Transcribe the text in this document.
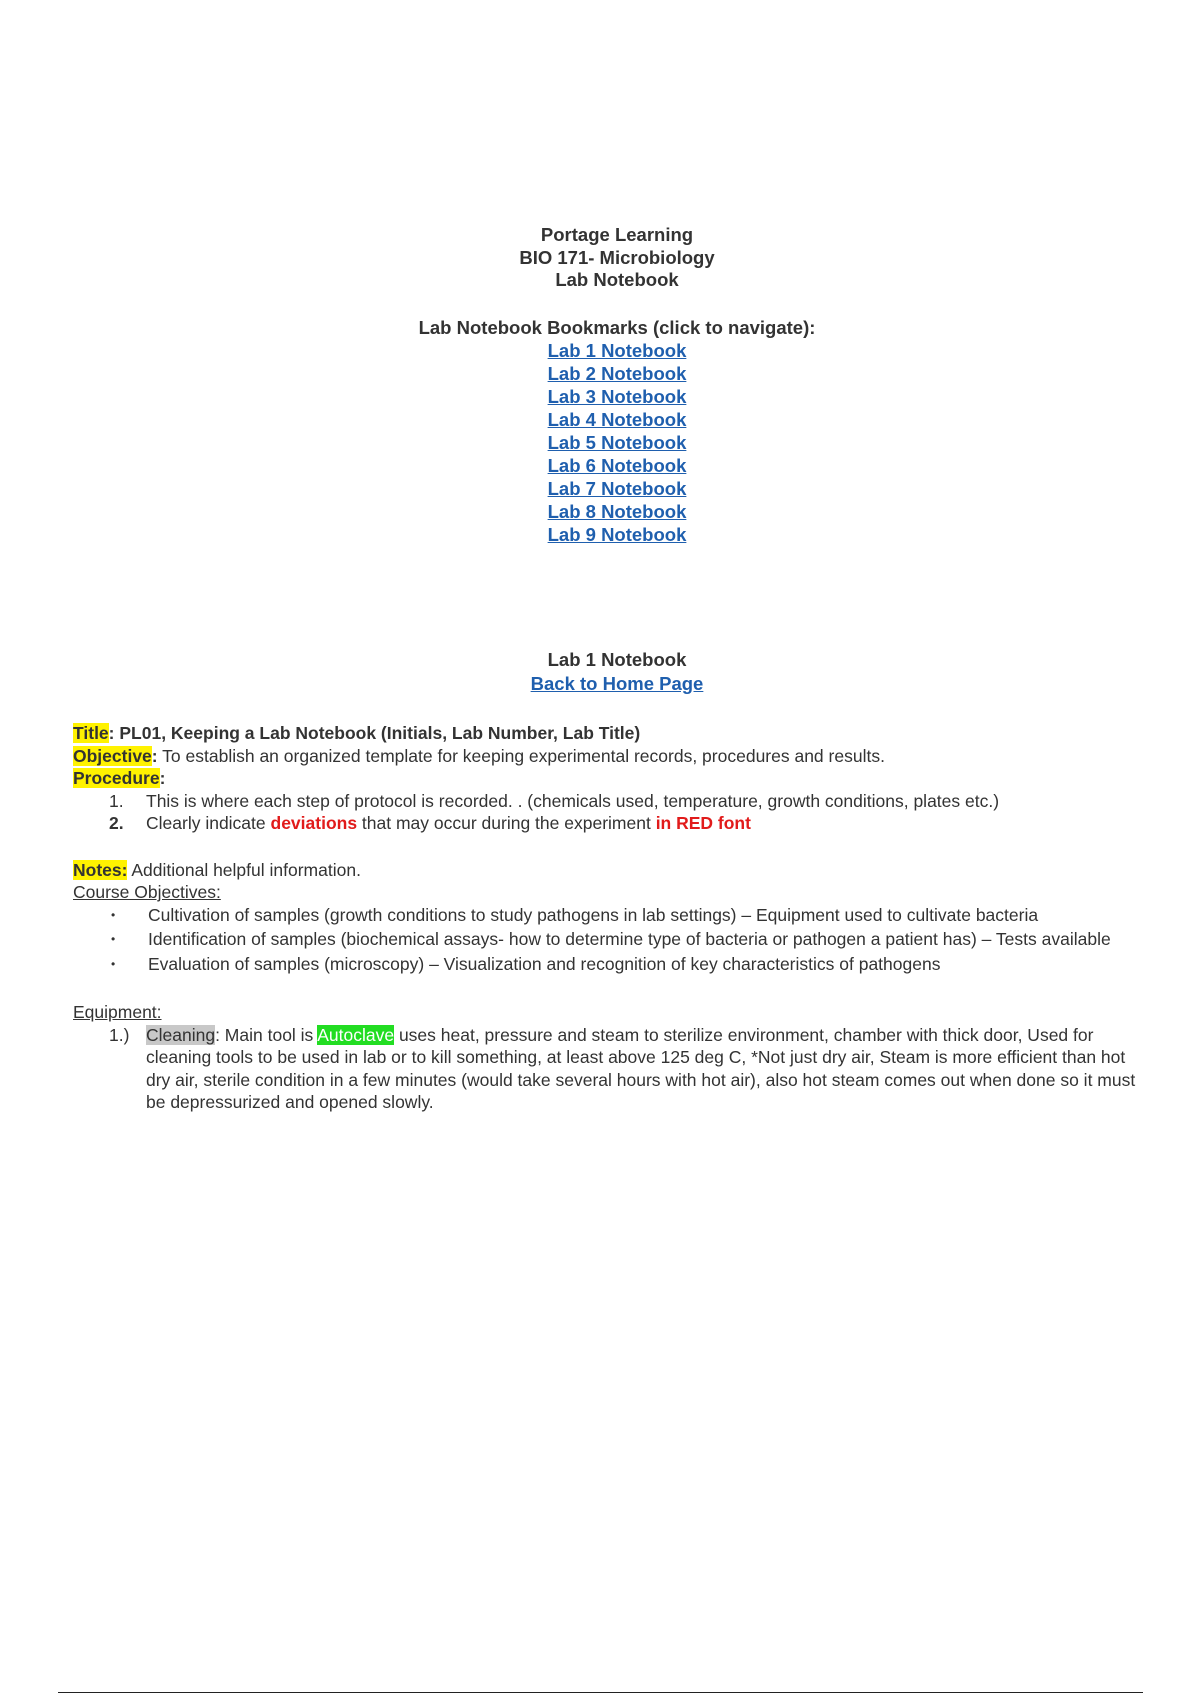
Portage Learning
BIO 171- Microbiology
Lab Notebook
Lab Notebook Bookmarks (click to navigate):
Lab 1 Notebook
Lab 2 Notebook
Lab 3 Notebook
Lab 4 Notebook
Lab 5 Notebook
Lab 6 Notebook
Lab 7 Notebook
Lab 8 Notebook
Lab 9 Notebook
Lab 1 Notebook
Back to Home Page
Title: PL01, Keeping a Lab Notebook (Initials, Lab Number, Lab Title)
Objective: To establish an organized template for keeping experimental records, procedures and results.
Procedure:
1.	This is where each step of protocol is recorded. . (chemicals used, temperature, growth conditions, plates etc.)
2.	Clearly indicate deviations that may occur during the experiment in RED font
Notes: Additional helpful information.
Course Objectives:
•	Cultivation of samples (growth conditions to study pathogens in lab settings) – Equipment used to cultivate bacteria
•	Identification of samples (biochemical assays- how to determine type of bacteria or pathogen a patient has) – Tests available
•	Evaluation of samples (microscopy) – Visualization and recognition of key characteristics of pathogens
Equipment:
1.) Cleaning: Main tool is Autoclave uses heat, pressure and steam to sterilize environment, chamber with thick door, Used for cleaning tools to be used in lab or to kill something, at least above 125 deg C, *Not just dry air, Steam is more efficient than hot dry air, sterile condition in a few minutes (would take several hours with hot air), also hot steam comes out when done so it must be depressurized and opened slowly.
